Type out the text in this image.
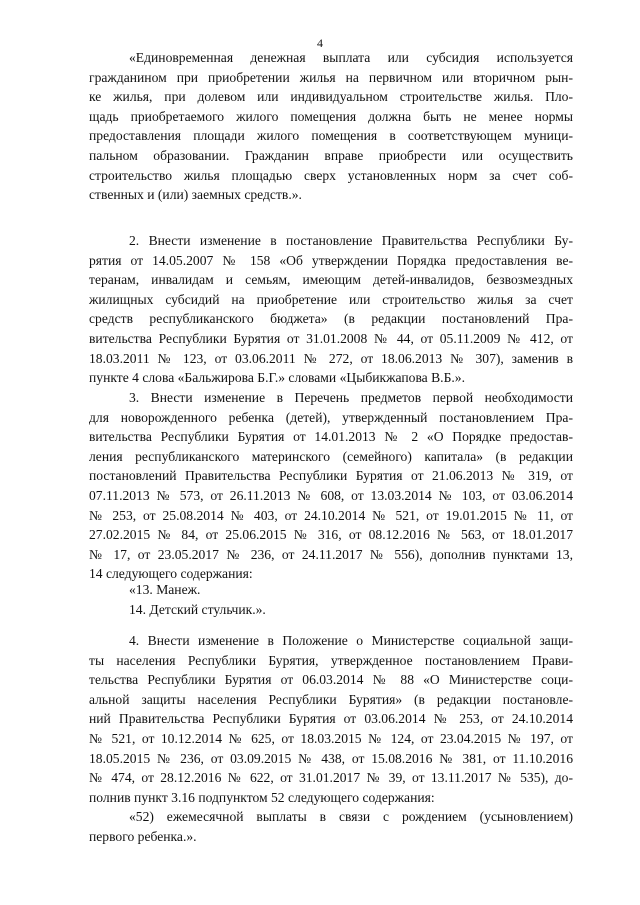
4
«Единовременная денежная выплата или субсидия используется
гражданином при приобретении жилья на первичном или вторичном рын-
ке жилья, при долевом или индивидуальном строительстве жилья. Пло-
щадь приобретаемого жилого помещения должна быть не менее нормы
предоставления площади жилого помещения в соответствующем муници-
пальном образовании. Гражданин вправе приобрести или осуществить
строительство жилья площадью сверх установленных норм за счет соб-
ственных и (или) заемных средств.».
2. Внести изменение в постановление Правительства Республики Бу-
рятия от 14.05.2007 № 158 «Об утверждении Порядка предоставления ве-
теранам, инвалидам и семьям, имеющим детей-инвалидов, безвозмездных
жилищных субсидий на приобретение или строительство жилья за счет
средств республиканского бюджета» (в редакции постановлений Пра-
вительства Республики Бурятия от 31.01.2008 № 44, от 05.11.2009 № 412, от
18.03.2011 № 123, от 03.06.2011 № 272, от 18.06.2013 № 307), заменив в
пункте 4 слова «Бальжирова Б.Г.» словами «Цыбикжапова В.Б.».
3. Внести изменение в Перечень предметов первой необходимости
для новорожденного ребенка (детей), утвержденный постановлением Пра-
вительства Республики Бурятия от 14.01.2013 № 2 «О Порядке предостав-
ления республиканского материнского (семейного) капитала» (в редакции
постановлений Правительства Республики Бурятия от 21.06.2013 № 319, от
07.11.2013 № 573, от 26.11.2013 № 608, от 13.03.2014 № 103, от 03.06.2014
№ 253, от 25.08.2014 № 403, от 24.10.2014 № 521, от 19.01.2015 № 11, от
27.02.2015 № 84, от 25.06.2015 № 316, от 08.12.2016 № 563, от 18.01.2017
№ 17, от 23.05.2017 № 236, от 24.11.2017 № 556), дополнив пунктами 13,
14 следующего содержания:
«13. Манеж.
14. Детский стульчик.».
4. Внести изменение в Положение о Министерстве социальной защи-
ты населения Республики Бурятия, утвержденное постановлением Прави-
тельства Республики Бурятия от 06.03.2014 № 88 «О Министерстве соци-
альной защиты населения Республики Бурятия» (в редакции постановле-
ний Правительства Республики Бурятия от 03.06.2014 № 253, от 24.10.2014
№ 521, от 10.12.2014 № 625, от 18.03.2015 № 124, от 23.04.2015 № 197, от
18.05.2015 № 236, от 03.09.2015 № 438, от 15.08.2016 № 381, от 11.10.2016
№ 474, от 28.12.2016 № 622, от 31.01.2017 № 39, от 13.11.2017 № 535), до-
полнив пункт 3.16 подпунктом 52 следующего содержания:
«52) ежемесячной выплаты в связи с рождением (усыновлением)
первого ребенка.».
